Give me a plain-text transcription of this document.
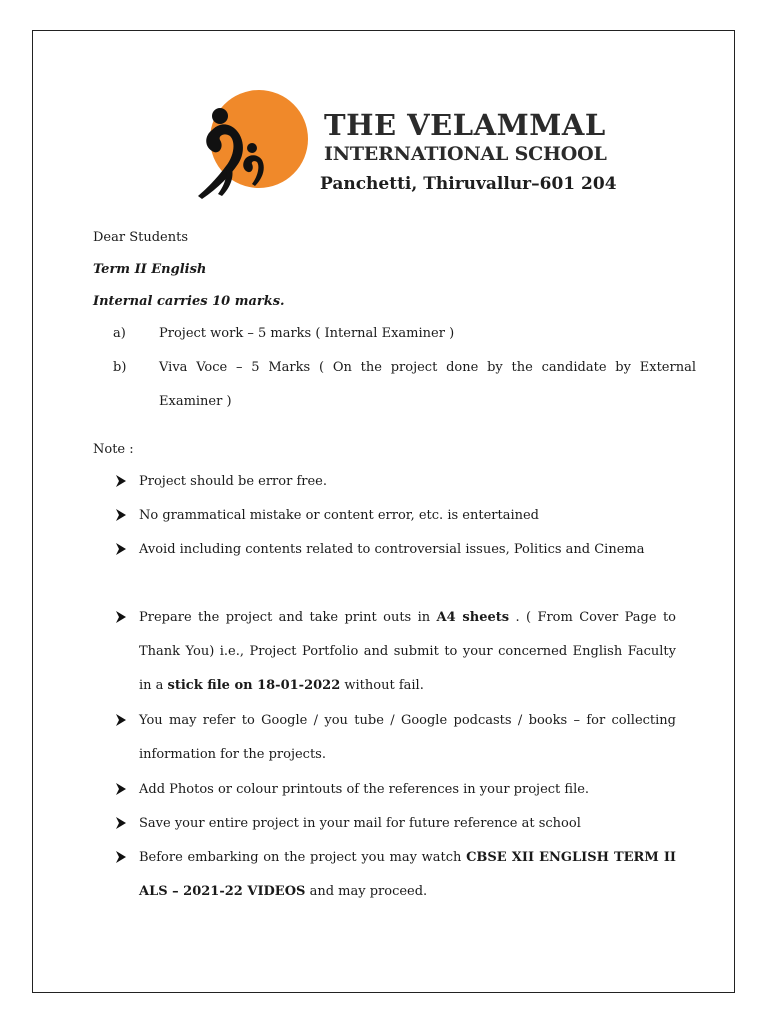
THE VELAMMAL
INTERNATIONAL SCHOOL
Panchetti, Thiruvallur–601 204
Dear Students
Term II English
Internal carries 10 marks.
a)	Project work – 5 marks ( Internal Examiner )
b)	Viva Voce – 5 Marks ( On the project done by the candidate by External Examiner )
Note :
Project should be error free.
No grammatical mistake or content error, etc. is entertained
Avoid including contents related to controversial issues, Politics and Cinema
Prepare the project and take print outs in A4 sheets . ( From Cover Page to Thank You) i.e., Project Portfolio and submit to your concerned English Faculty in a stick file on 18-01-2022 without fail.
You may refer to Google / you tube / Google podcasts / books – for collecting information for the projects.
Add Photos or colour printouts of the references in your project file.
Save your entire project in your mail for future reference at school
Before embarking on the project you may watch CBSE XII ENGLISH TERM II ALS – 2021-22 VIDEOS and may proceed.
